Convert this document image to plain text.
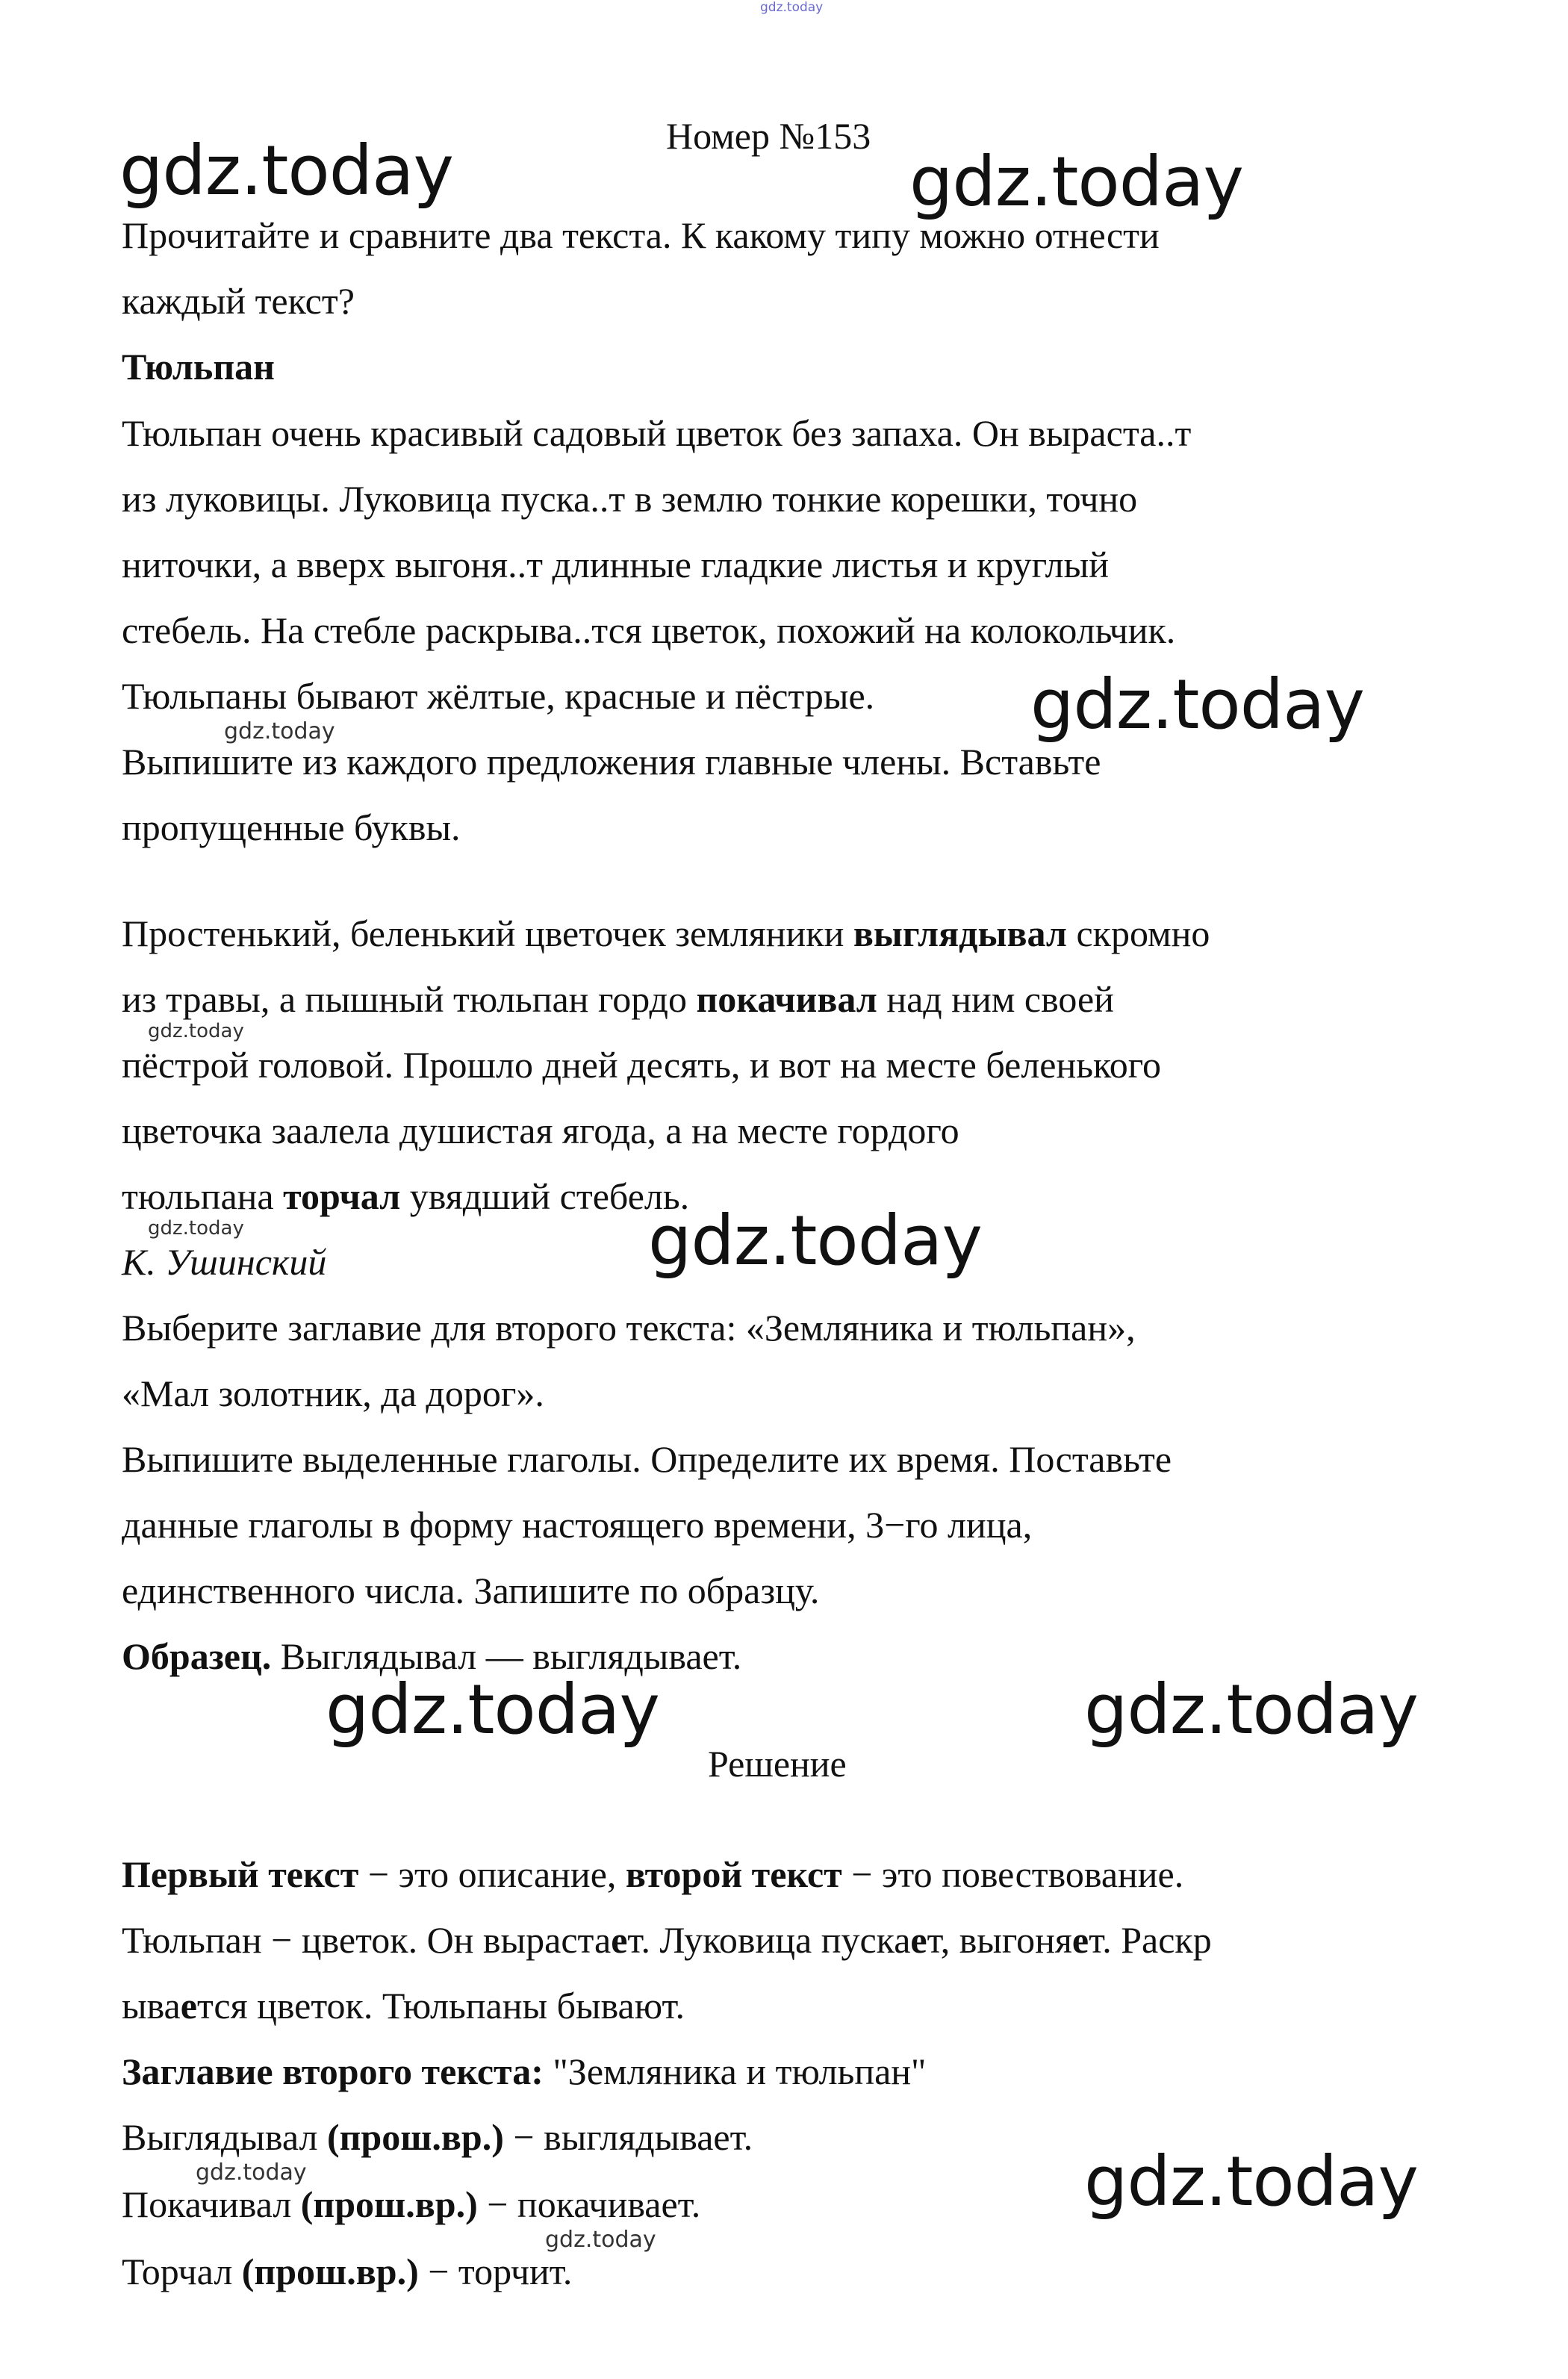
gdz.today
Номер №153
gdz.today	gdz.today
Прочитайте и сравните два текста. К какому типу можно отнести
каждый текст?
Тюльпан
Тюльпан очень красивый садовый цветок без запаха. Он выраста..т
из луковицы. Луковица пуска..т в землю тонкие корешки, точно
ниточки, а вверх выгоня..т длинные гладкие листья и круглый
стебель. На стебле раскрыва..тся цветок, похожий на колокольчик.
Тюльпаны бывают жёлтые, красные и пёстрые. gdz.today
gdz.today
Выпишите из каждого предложения главные члены. Вставьте
пропущенные буквы.
Простенький, беленький цветочек земляники выглядывал скромно
из травы, а пышный тюльпан гордо покачивал над ним своей
gdz.today
пёстрой головой. Прошло дней десять, и вот на месте беленького
цветочка заалела душистая ягода, а на месте гордого
тюльпана торчал увядший стебель.
gdz.today
К. Ушинский	gdz.today
Выберите заглавие для второго текста: «Земляника и тюльпан»,
«Мал золотник, да дорог».
Выпишите выделенные глаголы. Определите их время. Поставьте
данные глаголы в форму настоящего времени, 3−го лица,
единственного числа. Запишите по образцу.
Образец. Выглядывал — выглядывает.
gdz.today	gdz.today
Решение
Первый текст − это описание, второй текст − это повествование.
Тюльпан − цветок. Он вырастает. Луковица пускает, выгоняет. Раскр
ывается цветок. Тюльпаны бывают.
Заглавие второго текста: "Земляника и тюльпан"
Выглядывал (прош.вр.) − выглядывает.
gdz.today
Покачивал (прош.вр.) − покачивает.
gdz.today
Торчал (прош.вр.) − торчит.
gdz.today
